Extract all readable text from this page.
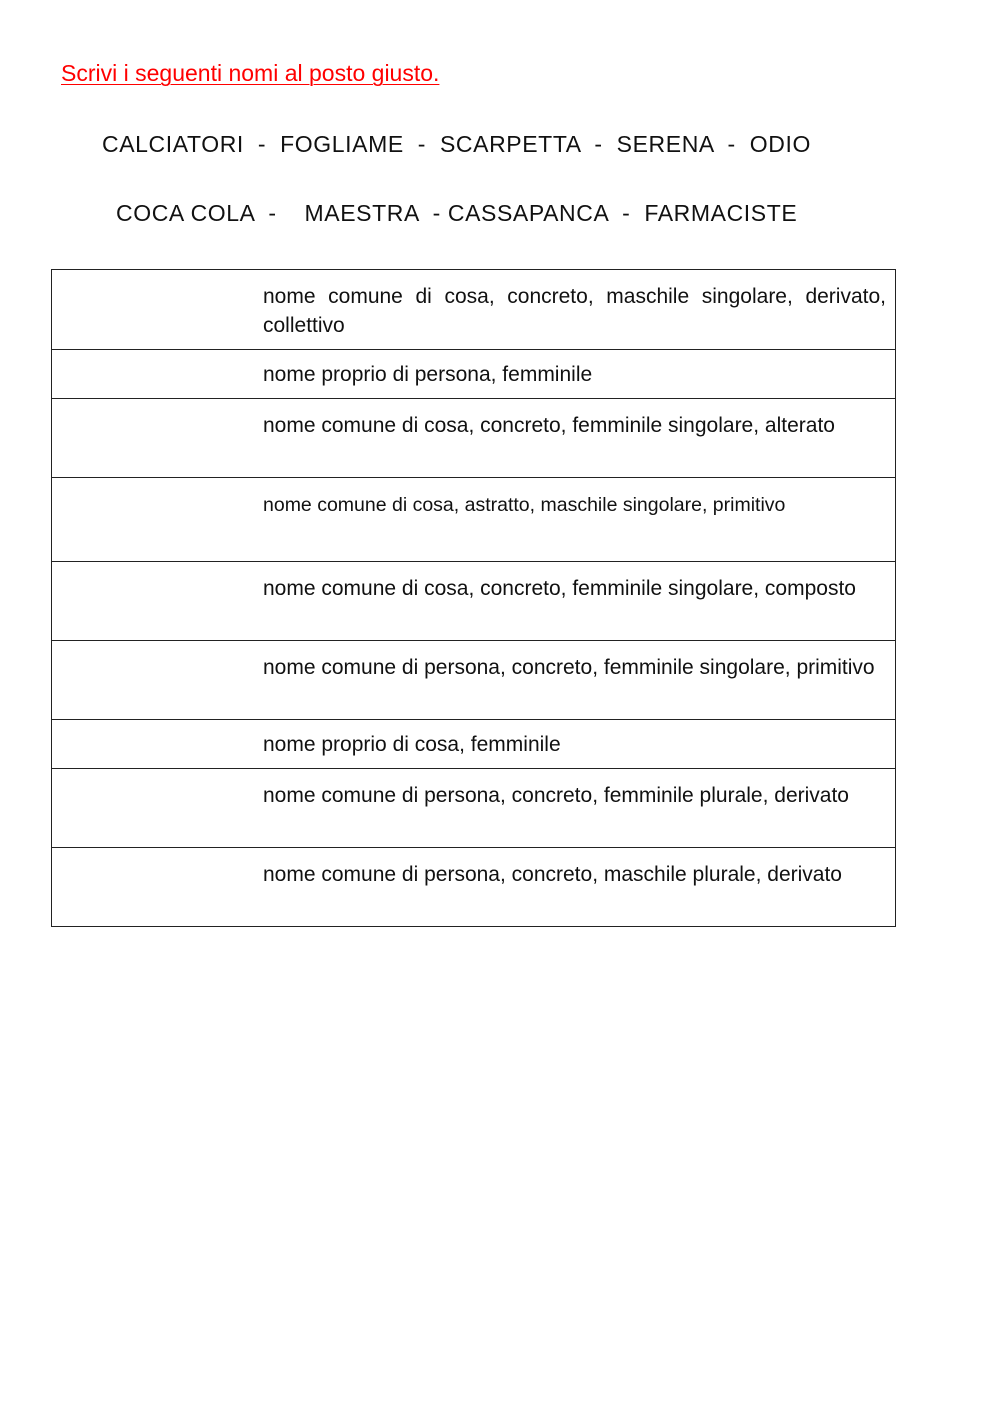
Scrivi i seguenti nomi al posto giusto.

CALCIATORI  -  FOGLIAME  -  SCARPETTA  -  SERENA  -  ODIO

COCA COLA  -    MAESTRA  - CASSAPANCA  -  FARMACISTE

	nome comune di cosa, concreto, maschile singolare, derivato, collettivo

	nome proprio di persona, femminile

	nome comune di cosa, concreto, femminile singolare, alterato

	nome comune di cosa, astratto, maschile singolare, primitivo

	nome comune di cosa, concreto, femminile singolare, composto

	nome comune di persona, concreto, femminile singolare, primitivo

	nome proprio di cosa, femminile

	nome comune di persona, concreto, femminile plurale, derivato

	nome comune di persona, concreto, maschile plurale, derivato
